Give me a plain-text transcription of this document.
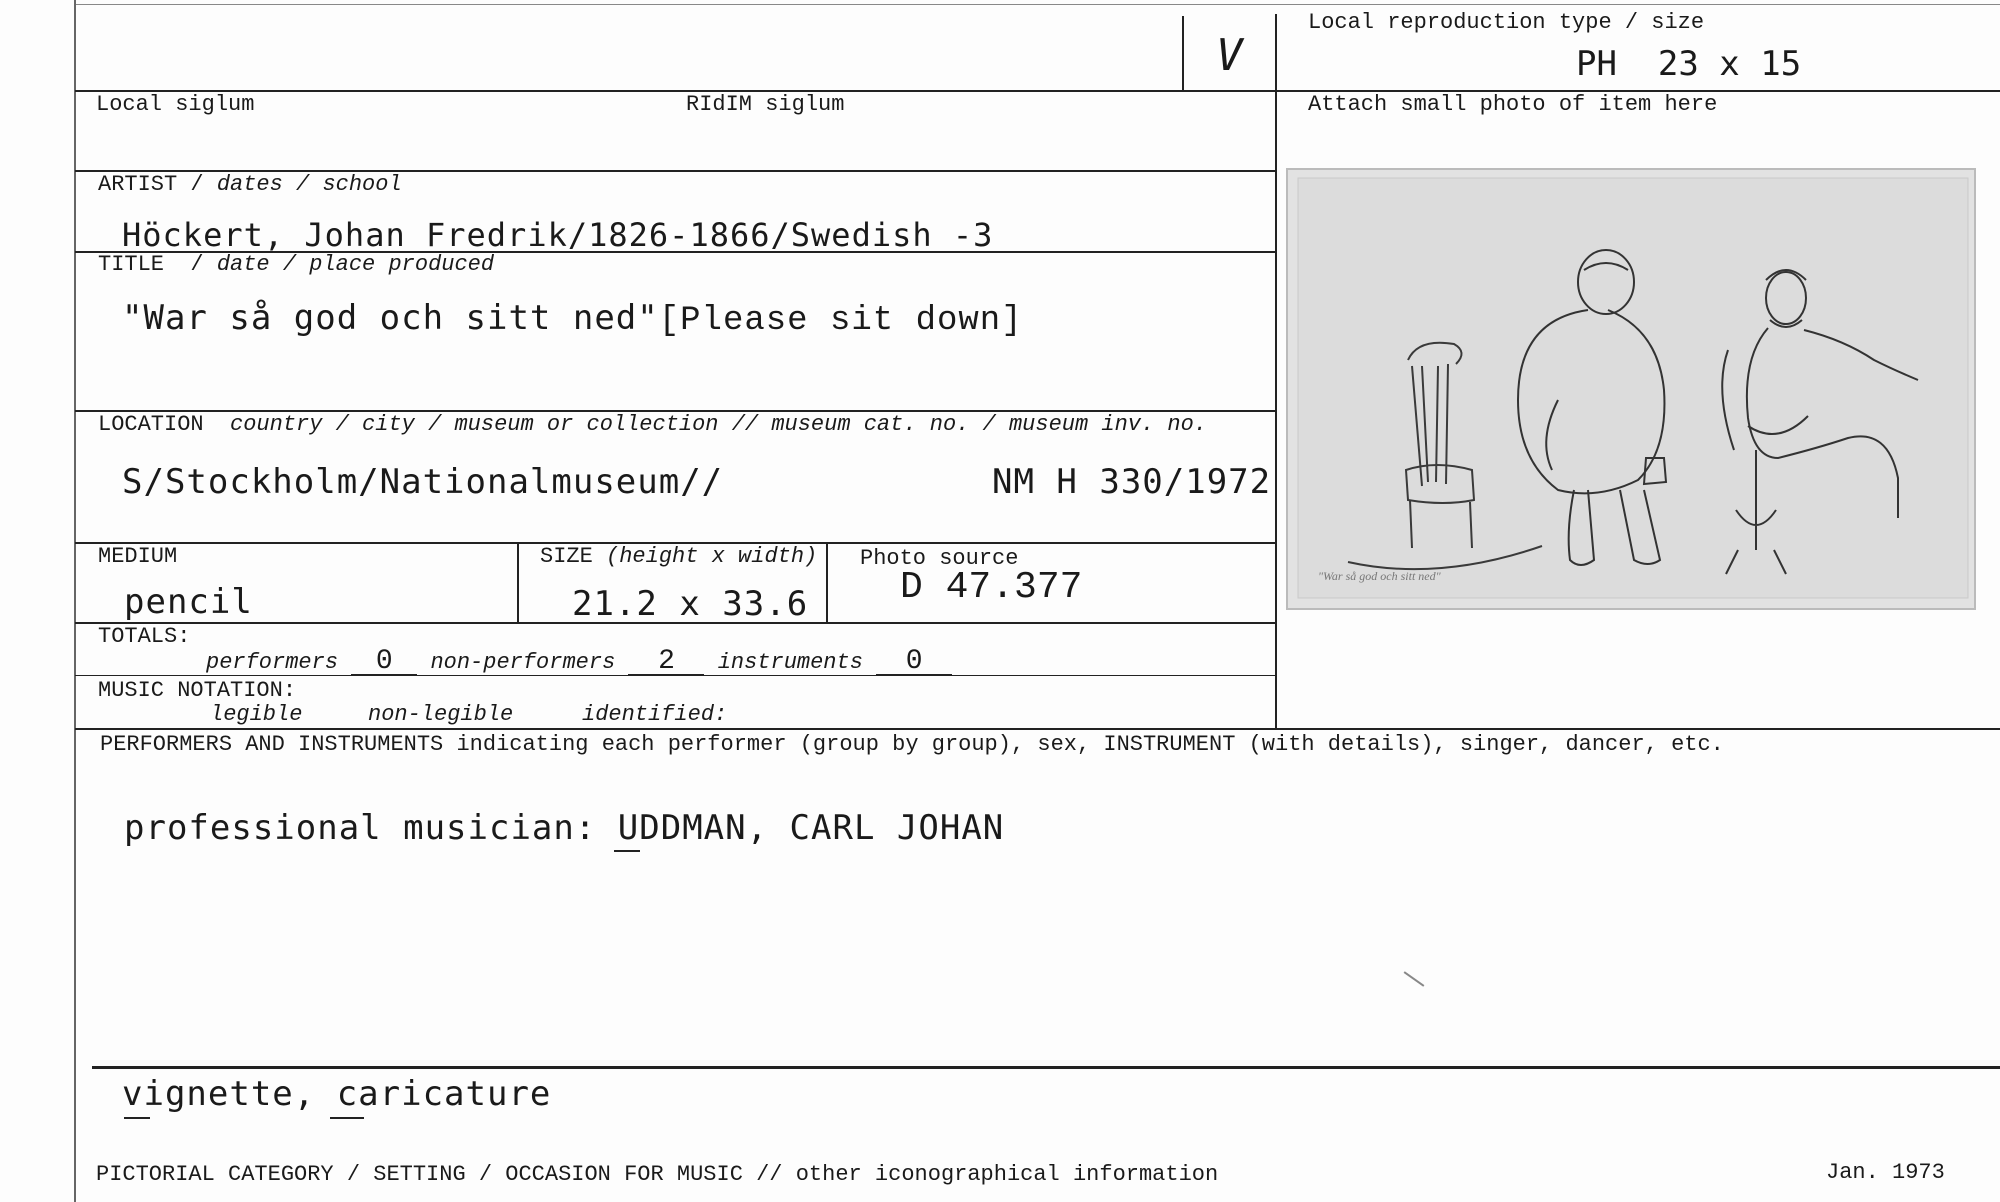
V
Local reproduction type / size
PH  23 x 15
Local siglum	RIdIM siglum	Attach small photo of item here
ARTIST / dates / school
Höckert, Johan Fredrik/1826-1866/Swedish -3
TITLE  / date / place produced
"War så god och sitt ned"[Please sit down]
LOCATION country / city / museum or collection // museum cat. no. / museum inv. no.
S/Stockholm/Nationalmuseum//	NM H 330/1972
MEDIUM
pencil
SIZE (height x width)
21.2 x 33.6
Photo source
D 47.377
TOTALS:
performers 0 non-performers 2 instruments 0
MUSIC NOTATION:
legible	non-legible	identified:
PERFORMERS AND INSTRUMENTS indicating each performer (group by group), sex, INSTRUMENT (with details), singer, dancer, etc.
professional musician: UDDMAN, CARL JOHAN
vignette, caricature
PICTORIAL CATEGORY / SETTING / OCCASION FOR MUSIC // other iconographical information	Jan. 1973
"War så god och sitt ned"
